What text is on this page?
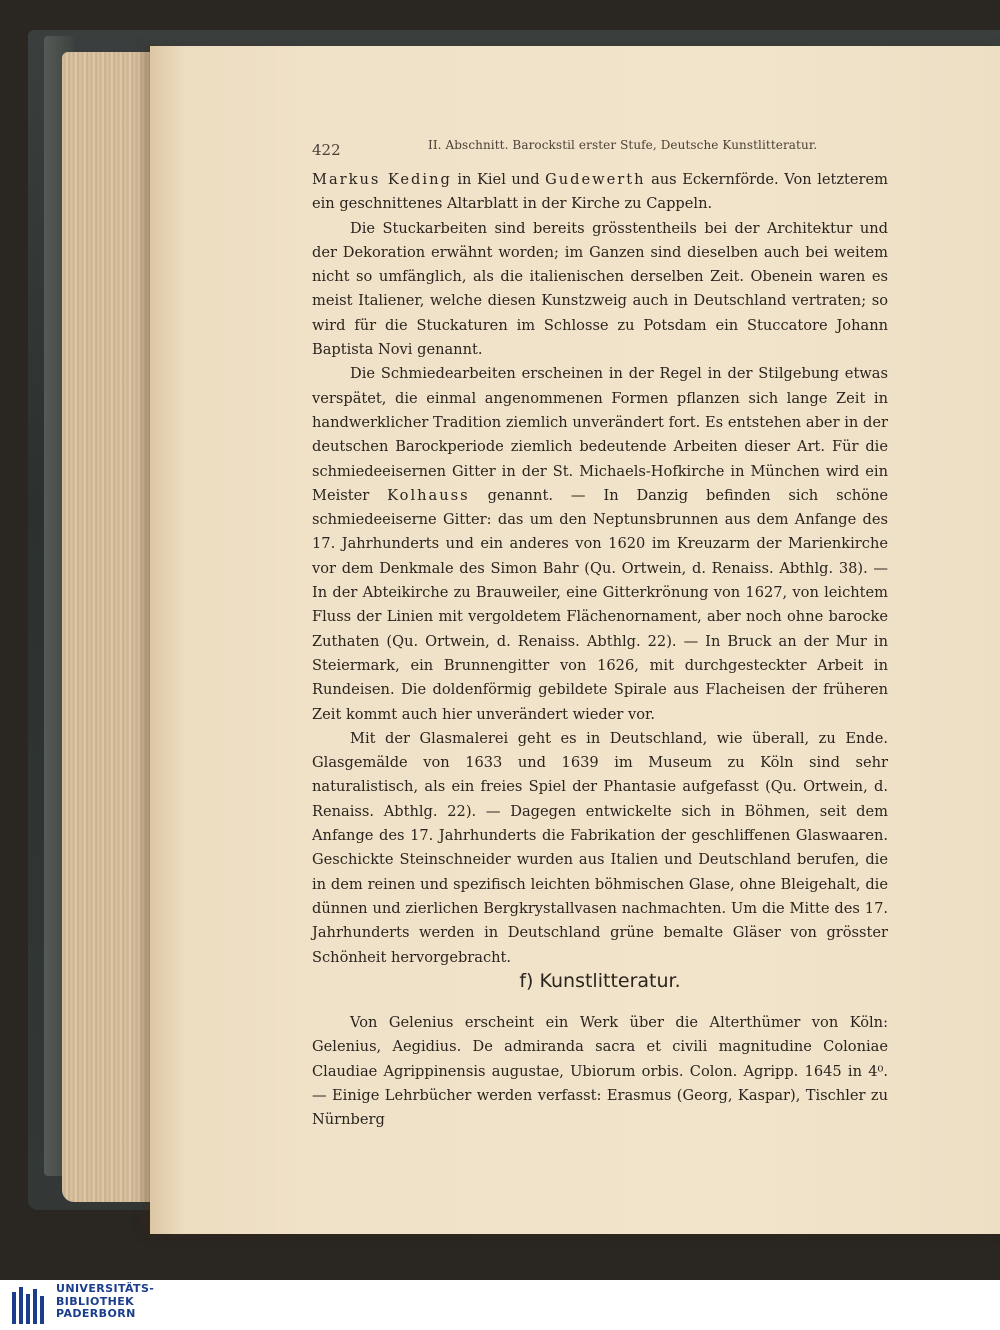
422	II. Abschnitt. Barockstil erster Stufe, Deutsche Kunstlitteratur.

Markus Keding in Kiel und Gudewerth aus Eckernförde. Von letzterem ein geschnittenes Altarblatt in der Kirche zu Cappeln.

Die Stuckarbeiten sind bereits grösstentheils bei der Architektur und der Dekoration erwähnt worden; im Ganzen sind dieselben auch bei weitem nicht so umfänglich, als die italienischen derselben Zeit. Obenein waren es meist Italiener, welche diesen Kunstzweig auch in Deutschland vertraten; so wird für die Stuckaturen im Schlosse zu Potsdam ein Stuccatore Johann Baptista Novi genannt.

Die Schmiedearbeiten erscheinen in der Regel in der Stilgebung etwas verspätet, die einmal angenommenen Formen pflanzen sich lange Zeit in handwerklicher Tradition ziemlich unverändert fort. Es entstehen aber in der deutschen Barockperiode ziemlich bedeutende Arbeiten dieser Art. Für die schmiedeeisernen Gitter in der St. Michaels-Hofkirche in München wird ein Meister Kolhauss genannt. — In Danzig befinden sich schöne schmiedeeiserne Gitter: das um den Neptunsbrunnen aus dem Anfange des 17. Jahrhunderts und ein anderes von 1620 im Kreuzarm der Marienkirche vor dem Denkmale des Simon Bahr (Qu. Ortwein, d. Renaiss. Abthlg. 38). — In der Abteikirche zu Brauweiler, eine Gitterkrönung von 1627, von leichtem Fluss der Linien mit vergoldetem Flächenornament, aber noch ohne barocke Zuthaten (Qu. Ortwein, d. Renaiss. Abthlg. 22). — In Bruck an der Mur in Steiermark, ein Brunnengitter von 1626, mit durchgesteckter Arbeit in Rundeisen. Die doldenförmig gebildete Spirale aus Flacheisen der früheren Zeit kommt auch hier unverändert wieder vor.

Mit der Glasmalerei geht es in Deutschland, wie überall, zu Ende. Glasgemälde von 1633 und 1639 im Museum zu Köln sind sehr naturalistisch, als ein freies Spiel der Phantasie aufgefasst (Qu. Ortwein, d. Renaiss. Abthlg. 22). — Dagegen entwickelte sich in Böhmen, seit dem Anfange des 17. Jahrhunderts die Fabrikation der geschliffenen Glaswaaren. Geschickte Steinschneider wurden aus Italien und Deutschland berufen, die in dem reinen und spezifisch leichten böhmischen Glase, ohne Bleigehalt, die dünnen und zierlichen Bergkrystallvasen nachmachten. Um die Mitte des 17. Jahrhunderts werden in Deutschland grüne bemalte Gläser von grösster Schönheit hervorgebracht.

f) Kunstlitteratur.

Von Gelenius erscheint ein Werk über die Alterthümer von Köln: Gelenius, Aegidius. De admiranda sacra et civili magnitudine Coloniae Claudiae Agrippinensis augustae, Ubiorum orbis. Colon. Agripp. 1645 in 4⁰. — Einige Lehrbücher werden verfasst: Erasmus (Georg, Kaspar), Tischler zu Nürnberg

UNIVERSITÄTS-
BIBLIOTHEK
PADERBORN
